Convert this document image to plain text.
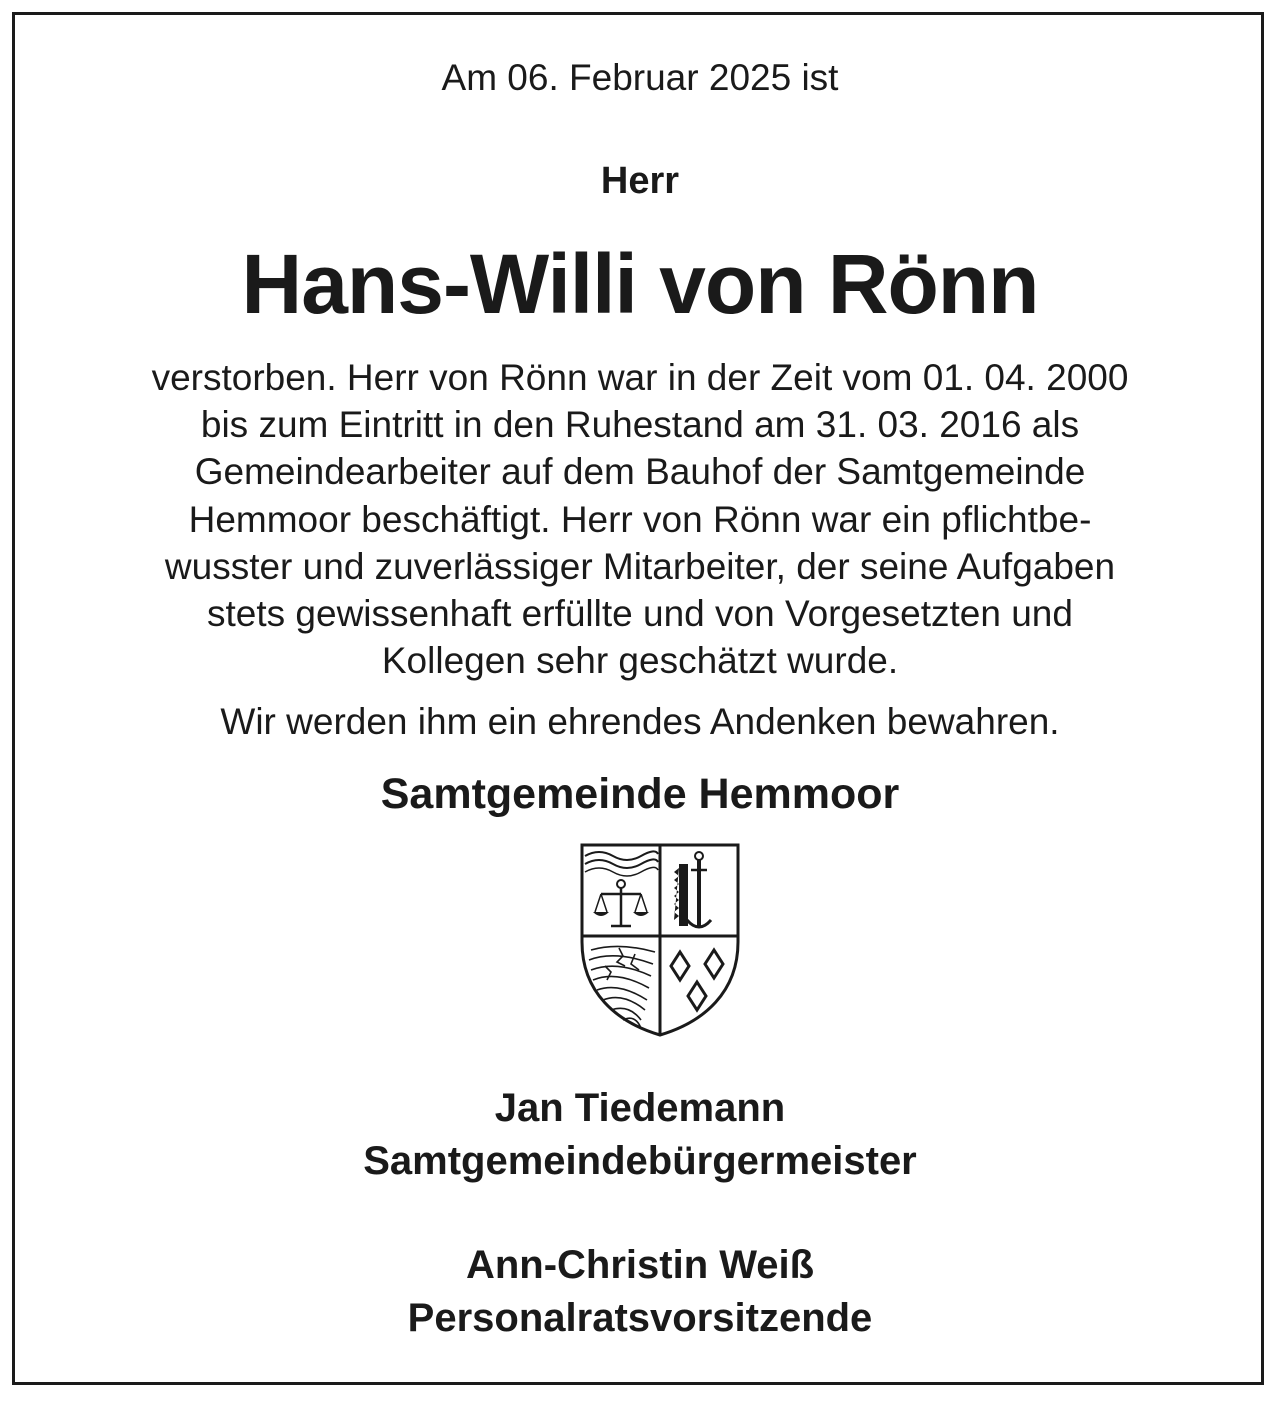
Am 06. Februar 2025 ist
Herr
Hans-Willi von Rönn
verstorben. Herr von Rönn war in der Zeit vom 01. 04. 2000
bis zum Eintritt in den Ruhestand am 31. 03. 2016 als
Gemeindearbeiter auf dem Bauhof der Samtgemeinde
Hemmoor beschäftigt. Herr von Rönn war ein pflichtbe-
wusster und zuverlässiger Mitarbeiter, der seine Aufgaben
stets gewissenhaft erfüllte und von Vorgesetzten und
Kollegen sehr geschätzt wurde.
Wir werden ihm ein ehrendes Andenken bewahren.
Samtgemeinde Hemmoor
Jan Tiedemann
Samtgemeindebürgermeister
Ann-Christin Weiß
Personalratsvorsitzende
